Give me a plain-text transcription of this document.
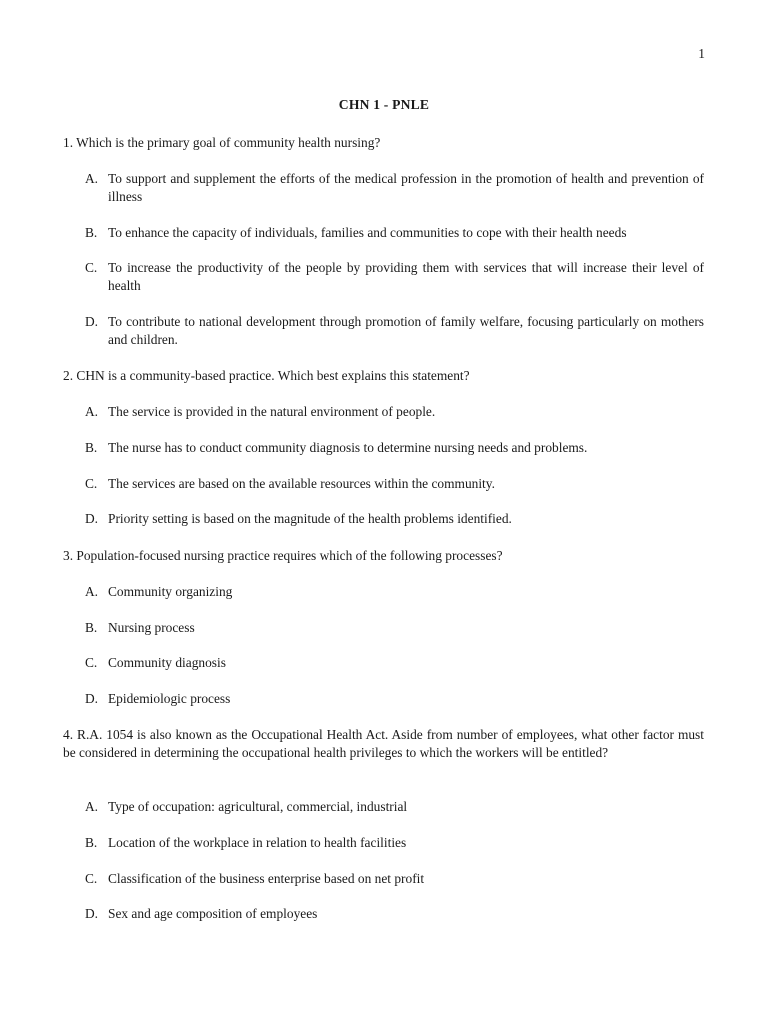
1
CHN 1 - PNLE
1. Which is the primary goal of community health nursing?
A. To support and supplement the efforts of the medical profession in the promotion of health and prevention of illness
B. To enhance the capacity of individuals, families and communities to cope with their health needs
C. To increase the productivity of the people by providing them with services that will increase their level of health
D. To contribute to national development through promotion of family welfare, focusing particularly on mothers and children.
2. CHN is a community-based practice. Which best explains this statement?
A. The service is provided in the natural environment of people.
B. The nurse has to conduct community diagnosis to determine nursing needs and problems.
C. The services are based on the available resources within the community.
D. Priority setting is based on the magnitude of the health problems identified.
3. Population-focused nursing practice requires which of the following processes?
A. Community organizing
B. Nursing process
C. Community diagnosis
D. Epidemiologic process
4. R.A. 1054 is also known as the Occupational Health Act. Aside from number of employees, what other factor must be considered in determining the occupational health privileges to which the workers will be entitled?
A. Type of occupation: agricultural, commercial, industrial
B. Location of the workplace in relation to health facilities
C. Classification of the business enterprise based on net profit
D. Sex and age composition of employees
